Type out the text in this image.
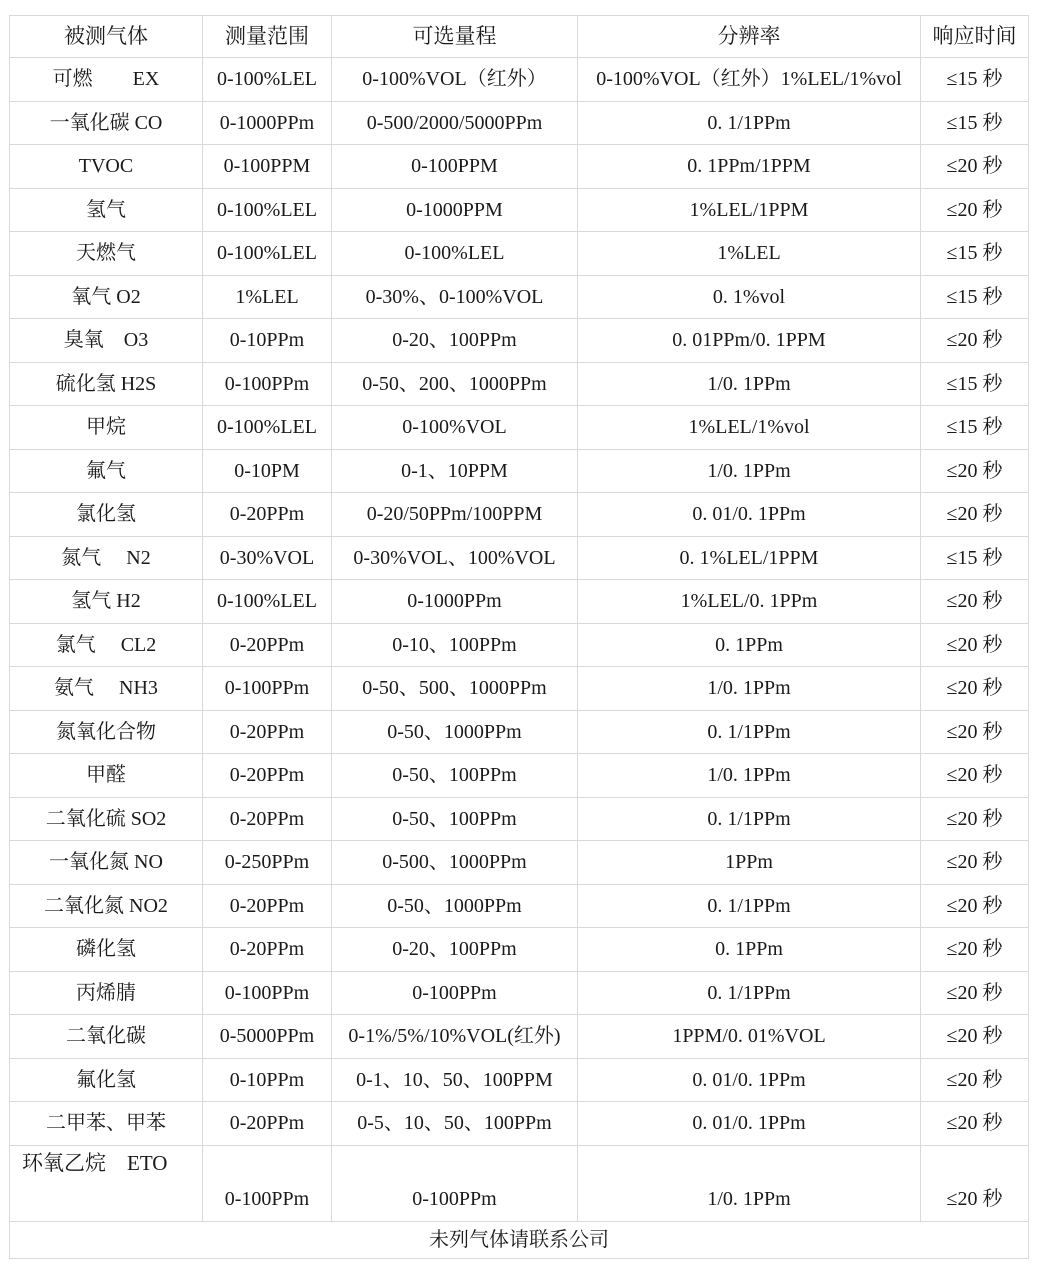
被测气体	测量范围	可选量程	分辨率	响应时间
可燃　　EX	0-100%LEL	0-100%VOL（红外）	0-100%VOL（红外）1%LEL/1%vol	≤15 秒
一氧化碳 CO	0-1000PPm	0-500/2000/5000PPm	0. 1/1PPm	≤15 秒
TVOC	0-100PPM	0-100PPM	0. 1PPm/1PPM	≤20 秒
氢气	0-100%LEL	0-1000PPM	1%LEL/1PPM	≤20 秒
天燃气	0-100%LEL	0-100%LEL	1%LEL	≤15 秒
氧气 O2	1%LEL	0-30%、0-100%VOL	0. 1%vol	≤15 秒
臭氧　O3	0-10PPm	0-20、100PPm	0. 01PPm/0. 1PPM	≤20 秒
硫化氢 H2S	0-100PPm	0-50、200、1000PPm	1/0. 1PPm	≤15 秒
甲烷	0-100%LEL	0-100%VOL	1%LEL/1%vol	≤15 秒
氟气	0-10PM	0-1、10PPM	1/0. 1PPm	≤20 秒
氯化氢	0-20PPm	0-20/50PPm/100PPM	0. 01/0. 1PPm	≤20 秒
氮气　 N2	0-30%VOL	0-30%VOL、100%VOL	0. 1%LEL/1PPM	≤15 秒
氢气 H2	0-100%LEL	0-1000PPm	1%LEL/0. 1PPm	≤20 秒
氯气　 CL2	0-20PPm	0-10、100PPm	0. 1PPm	≤20 秒
氨气　 NH3	0-100PPm	0-50、500、1000PPm	1/0. 1PPm	≤20 秒
氮氧化合物	0-20PPm	0-50、1000PPm	0. 1/1PPm	≤20 秒
甲醛	0-20PPm	0-50、100PPm	1/0. 1PPm	≤20 秒
二氧化硫 SO2	0-20PPm	0-50、100PPm	0. 1/1PPm	≤20 秒
一氧化氮 NO	0-250PPm	0-500、1000PPm	1PPm	≤20 秒
二氧化氮 NO2	0-20PPm	0-50、1000PPm	0. 1/1PPm	≤20 秒
磷化氢	0-20PPm	0-20、100PPm	0. 1PPm	≤20 秒
丙烯腈	0-100PPm	0-100PPm	0. 1/1PPm	≤20 秒
二氧化碳	0-5000PPm	0-1%/5%/10%VOL(红外)	1PPM/0. 01%VOL	≤20 秒
氟化氢	0-10PPm	0-1、10、50、100PPM	0. 01/0. 1PPm	≤20 秒
二甲苯、甲苯	0-20PPm	0-5、10、50、100PPm	0. 01/0. 1PPm	≤20 秒
环氧乙烷　ETO	0-100PPm	0-100PPm	1/0. 1PPm	≤20 秒
未列气体请联系公司				
